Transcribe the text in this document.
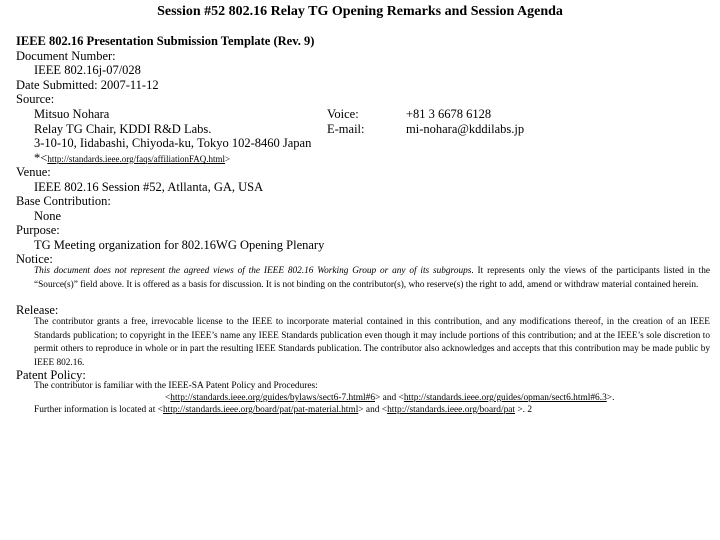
Session #52 802.16 Relay TG Opening Remarks and Session Agenda
IEEE 802.16 Presentation Submission Template (Rev. 9)
Document Number:
IEEE 802.16j-07/028
Date Submitted: 2007-11-12
Source:
Mitsuo Nohara
Relay TG Chair, KDDI R&D Labs.
3-10-10, Iidabashi, Chiyoda-ku, Tokyo 102-8460 Japan
Voice:	+81 3 6678 6128
E-mail:	mi-nohara@kddilabs.jp
*<http://standards.ieee.org/faqs/affiliationFAQ.html>
Venue:
IEEE 802.16 Session #52, Atllanta, GA, USA
Base Contribution:
None
Purpose:
TG Meeting organization for 802.16WG Opening Plenary
Notice:
This document does not represent the agreed views of the IEEE 802.16 Working Group or any of its subgroups. It represents only the views of the participants listed in the “Source(s)” field above. It is offered as a basis for discussion. It is not binding on the contributor(s), who reserve(s) the right to add, amend or withdraw material contained herein.
Release:
The contributor grants a free, irrevocable license to the IEEE to incorporate material contained in this contribution, and any modifications thereof, in the creation of an IEEE Standards publication; to copyright in the IEEE’s name any IEEE Standards publication even though it may include portions of this contribution; and at the IEEE’s sole discretion to permit others to reproduce in whole or in part the resulting IEEE Standards publication. The contributor also acknowledges and accepts that this contribution may be made public by IEEE 802.16.
Patent Policy:
The contributor is familiar with the IEEE-SA Patent Policy and Procedures:
<http://standards.ieee.org/guides/bylaws/sect6-7.html#6> and <http://standards.ieee.org/guides/opman/sect6.html#6.3>.
Further information is located at <http://standards.ieee.org/board/pat/pat-material.html> and <http://standards.ieee.org/board/pat >. 2
